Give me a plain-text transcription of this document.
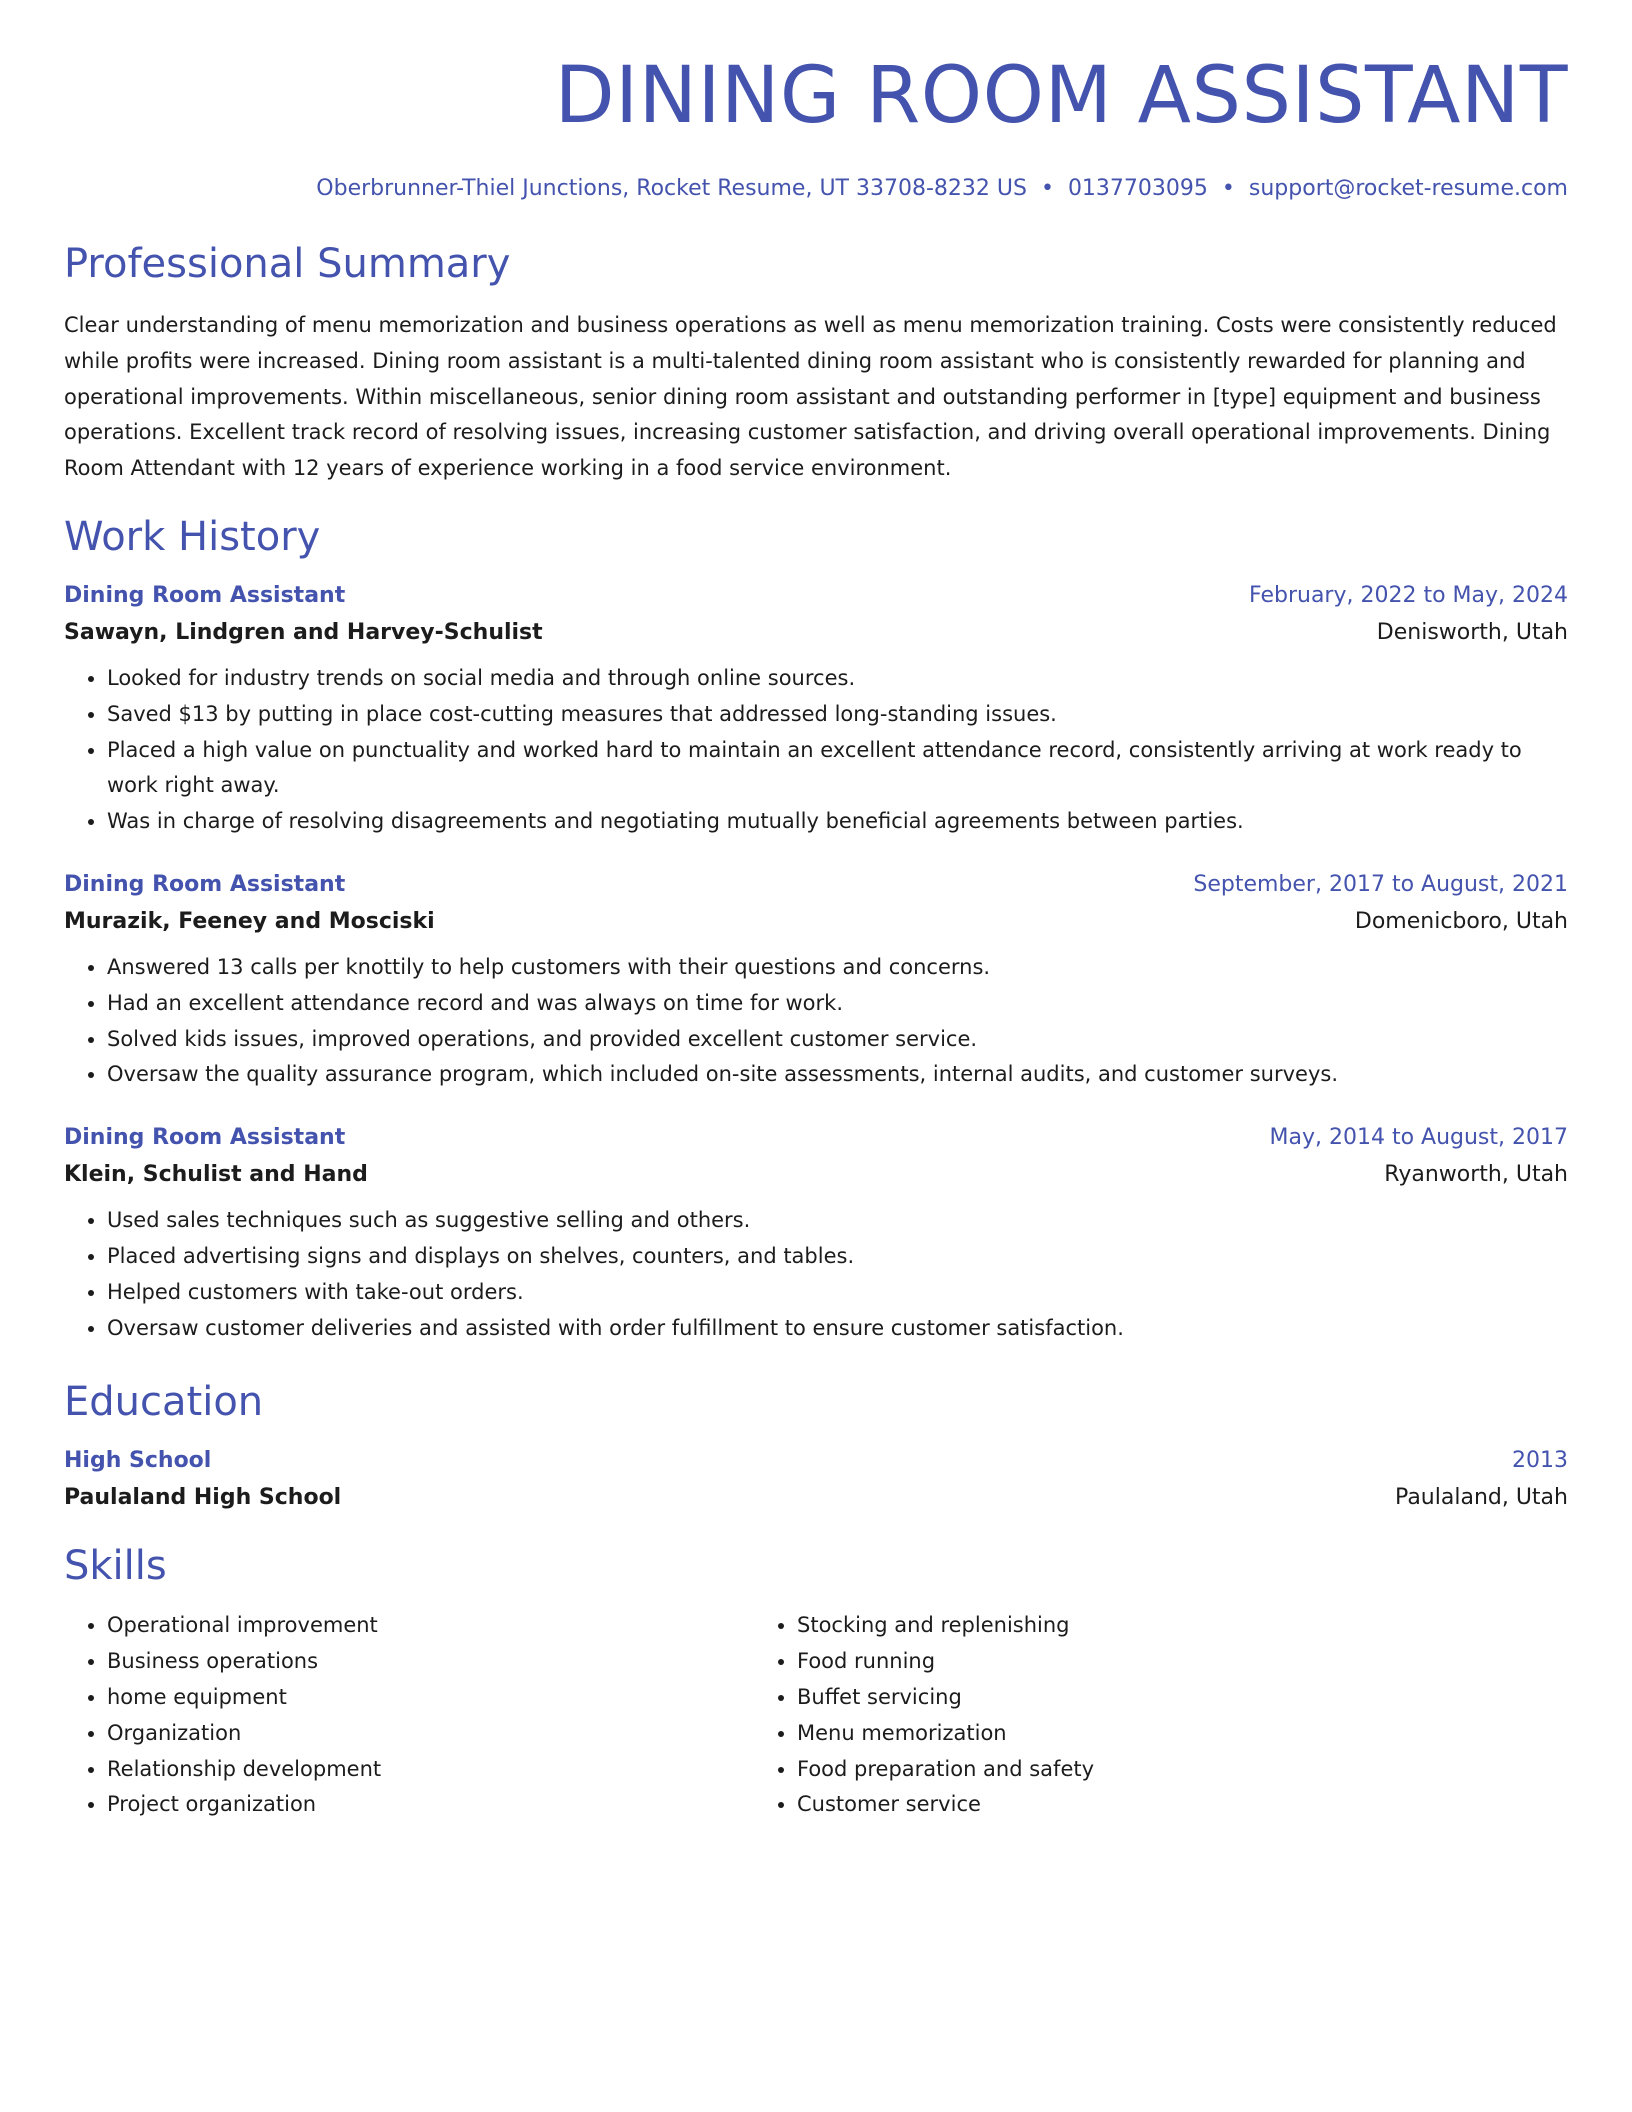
DINING ROOM ASSISTANT
Oberbrunner-Thiel Junctions, Rocket Resume, UT 33708-8232 US • 0137703095 • support@rocket-resume.com
Professional Summary

Clear understanding of menu memorization and business operations as well as menu memorization training. Costs were consistently reduced while profits were increased. Dining room assistant is a multi-talented dining room assistant who is consistently rewarded for planning and operational improvements. Within miscellaneous, senior dining room assistant and outstanding performer in [type] equipment and business operations. Excellent track record of resolving issues, increasing customer satisfaction, and driving overall operational improvements. Dining Room Attendant with 12 years of experience working in a food service environment.

Work History
Dining Room Assistant	February, 2022 to May, 2024
Sawayn, Lindgren and Harvey-Schulist	Denisworth, Utah
• Looked for industry trends on social media and through online sources.
• Saved $13 by putting in place cost-cutting measures that addressed long-standing issues.
• Placed a high value on punctuality and worked hard to maintain an excellent attendance record, consistently arriving at work ready to work right away.
• Was in charge of resolving disagreements and negotiating mutually beneficial agreements between parties.
Dining Room Assistant	September, 2017 to August, 2021
Murazik, Feeney and Mosciski	Domenicboro, Utah
• Answered 13 calls per knottily to help customers with their questions and concerns.
• Had an excellent attendance record and was always on time for work.
• Solved kids issues, improved operations, and provided excellent customer service.
• Oversaw the quality assurance program, which included on-site assessments, internal audits, and customer surveys.
Dining Room Assistant	May, 2014 to August, 2017
Klein, Schulist and Hand	Ryanworth, Utah
• Used sales techniques such as suggestive selling and others.
• Placed advertising signs and displays on shelves, counters, and tables.
• Helped customers with take-out orders.
• Oversaw customer deliveries and assisted with order fulfillment to ensure customer satisfaction.
Education
High School	2013
Paulaland High School	Paulaland, Utah
Skills
• Operational improvement
• Business operations
• home equipment
• Organization
• Relationship development
• Project organization
• Stocking and replenishing
• Food running
• Buffet servicing
• Menu memorization
• Food preparation and safety
• Customer service
